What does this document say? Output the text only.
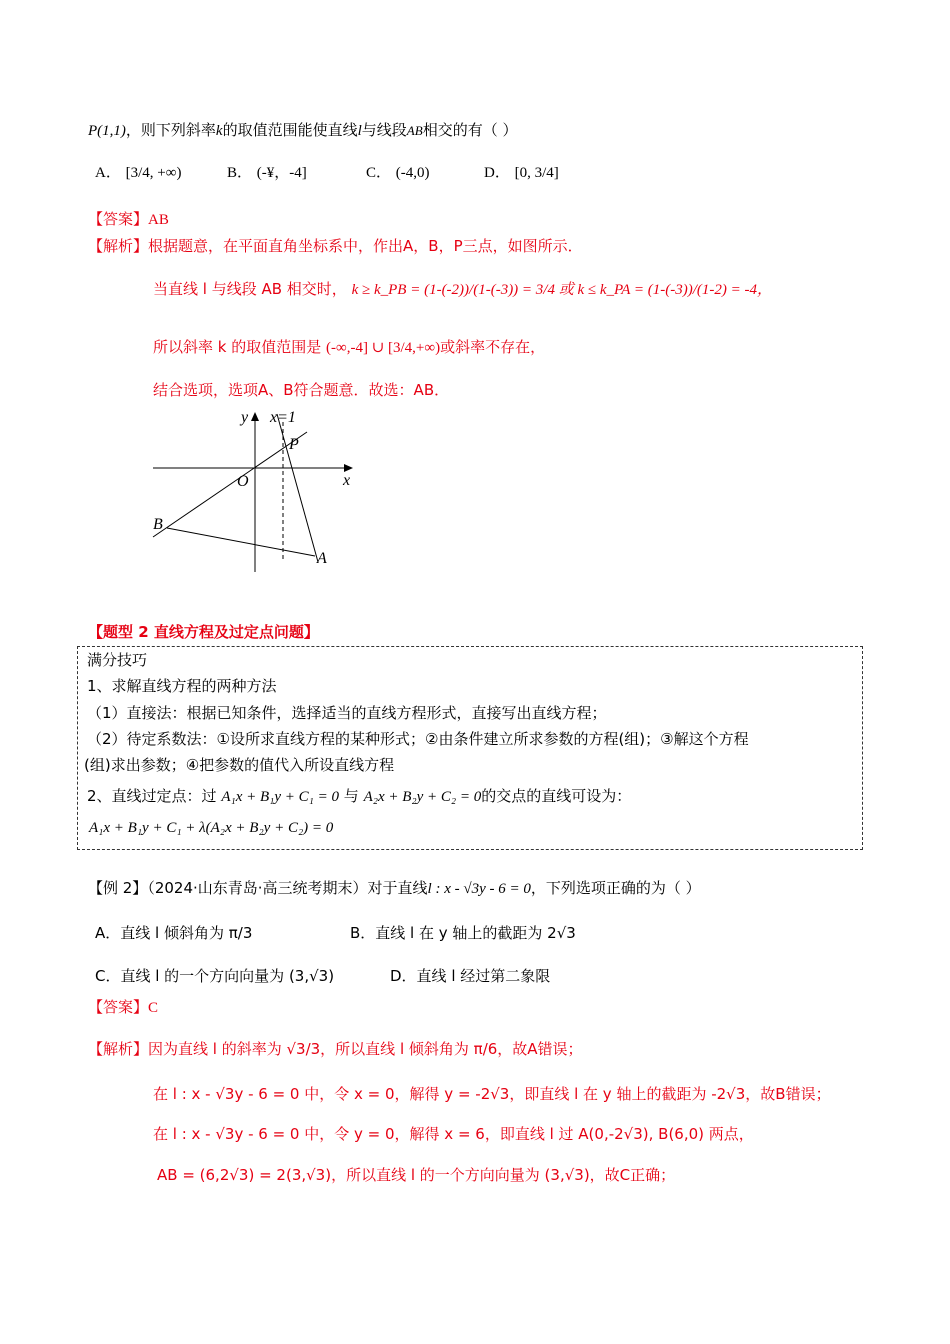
P(1,1)，则下列斜率k的取值范围能使直线l与线段AB相交的有（ ）
A． [3/4, +∞)	B． (-¥，-4]	C． (-4,0)	D． [0, 3/4]
【答案】AB
【解析】根据题意，在平面直角坐标系中，作出A，B，P三点，如图所示．
当直线 l 与线段 AB 相交时， k ≥ k_PB = (1-(-2))/(1-(-3)) = 3/4 或 k ≤ k_PA = (1-(-3))/(1-2) = -4，
所以斜率 k 的取值范围是 (-∞,-4] ∪ [3/4,+∞)或斜率不存在，
结合选项，选项A、B符合题意．故选：AB．
y x=1
P
x
O
B
A
【题型 2 直线方程及过定点问题】
满分技巧
1、求解直线方程的两种方法
（1）直接法：根据已知条件，选择适当的直线方程形式，直接写出直线方程；
（2）待定系数法：①设所求直线方程的某种形式；②由条件建立所求参数的方程(组)；③解这个方程
(组)求出参数；④把参数的值代入所设直线方程
2、直线过定点：过 A₁x + B₁y + C₁ = 0 与 A₂x + B₂y + C₂ = 0的交点的直线可设为：
A₁x + B₁y + C₁ + λ(A₂x + B₂y + C₂) = 0
【例 2】（2024·山东青岛·高三统考期末）对于直线l : x - √3y - 6 = 0，下列选项正确的为（ ）
A．直线 l 倾斜角为 π/3	B．直线 l 在 y 轴上的截距为 2√3
C．直线 l 的一个方向向量为 (3,√3)	D．直线 l 经过第二象限
【答案】C
【解析】因为直线 l 的斜率为 √3/3，所以直线 l 倾斜角为 π/6，故A错误；
在 l : x - √3y - 6 = 0 中，令 x = 0，解得 y = -2√3，即直线 l 在 y 轴上的截距为 -2√3，故B错误；
在 l : x - √3y - 6 = 0 中，令 y = 0，解得 x = 6，即直线 l 过 A(0,-2√3), B(6,0) 两点，
AB = (6,2√3) = 2(3,√3)，所以直线 l 的一个方向向量为 (3,√3)，故C正确；
